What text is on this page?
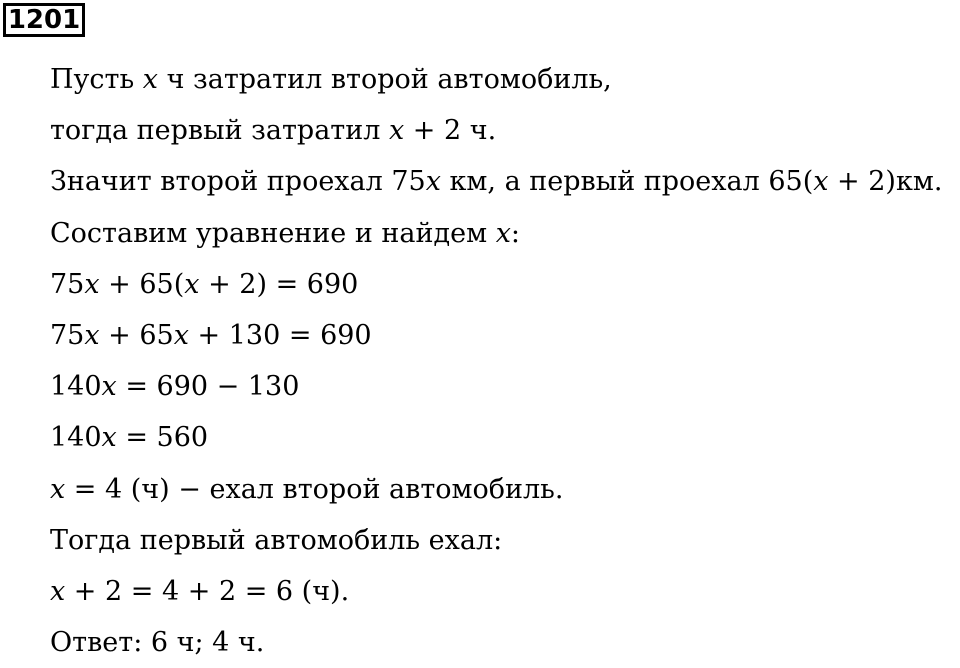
1201
Пусть 𝑥 ч затратил второй автомобиль,
тогда первый затратил 𝑥 + 2 ч.
Значит второй проехал 75𝑥 км, а первый проехал 65(𝑥 + 2)км.
Составим уравнение и найдем 𝑥:
75𝑥 + 65(𝑥 + 2) = 690
75𝑥 + 65𝑥 + 130 = 690
140𝑥 = 690 − 130
140𝑥 = 560
𝑥 = 4 (ч) − ехал второй автомобиль.
Тогда первый автомобиль ехал:
𝑥 + 2 = 4 + 2 = 6 (ч).
Ответ: 6 ч; 4 ч.
